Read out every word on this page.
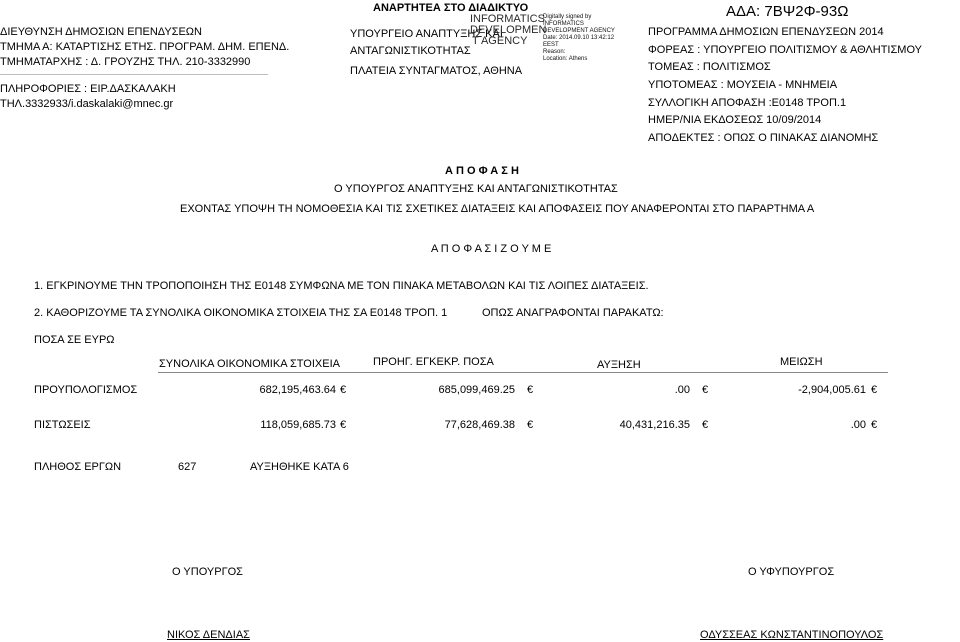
ΔΙΕΥΘΥΝΣΗ ΔΗΜΟΣΙΩΝ ΕΠΕΝΔΥΣΕΩΝ
ΤΜΗΜΑ Α: ΚΑΤΑΡΤΙΣΗΣ ΕΤΗΣ. ΠΡΟΓΡΑΜ. ΔΗΜ. ΕΠΕΝΔ.
ΤΜΗΜΑΤΑΡΧΗΣ : Δ. ΓΡΟΥΖΗΣ ΤΗΛ. 210-3332990
ΠΛΗΡΟΦΟΡΙΕΣ : ΕΙΡ.ΔΑΣΚΑΛΑΚΗ
ΤΗΛ.3332933/i.daskalaki@mnec.gr
ΑΝΑΡΤΗΤΕΑ ΣΤΟ ΔΙΑΔΙΚΤΥΟ
ΥΠΟΥΡΓΕΙΟ ΑΝΑΠΤΥΞΗΣ ΚΑΙ
ΑΝΤΑΓΩΝΙΣΤΙΚΟΤΗΤΑΣ
ΠΛΑΤΕΙΑ ΣΥΝΤΑΓΜΑΤΟΣ, ΑΘΗΝΑ
INFORMATICS
DEVELOPMEN
T AGENCY
Digitally signed by
INFORMATICS
DEVELOPMENT AGENCY
Date: 2014.09.10 13:42:12
EEST
Reason:
Location: Athens
ΑΔΑ: 7ΒΨ2Φ-93Ω
ΠΡΟΓΡΑΜΜΑ ΔΗΜΟΣΙΩΝ ΕΠΕΝΔΥΣΕΩΝ 2014
ΦΟΡΕΑΣ : ΥΠΟΥΡΓΕΙΟ ΠΟΛΙΤΙΣΜΟΥ & ΑΘΛΗΤΙΣΜΟΥ
ΤΟΜΕΑΣ : ΠΟΛΙΤΙΣΜΟΣ
ΥΠΟΤΟΜΕΑΣ : ΜΟΥΣΕΙΑ - ΜΝΗΜΕΙΑ
ΣΥΛΛΟΓΙΚΗ ΑΠΟΦΑΣΗ :Ε0148 ΤΡΟΠ.1
ΗΜΕΡ/ΝΙΑ ΕΚΔΟΣΕΩΣ 10/09/2014
ΑΠΟΔΕΚΤΕΣ : ΟΠΩΣ Ο ΠΙΝΑΚΑΣ ΔΙΑΝΟΜΗΣ
Α Π Ο Φ Α Σ Η
Ο ΥΠΟΥΡΓΟΣ ΑΝΑΠΤΥΞΗΣ ΚΑΙ ΑΝΤΑΓΩΝΙΣΤΙΚΟΤΗΤΑΣ
ΕΧΟΝΤΑΣ ΥΠΟΨΗ ΤΗ ΝΟΜΟΘΕΣΙΑ ΚΑΙ ΤΙΣ ΣΧΕΤΙΚΕΣ ΔΙΑΤΑΞΕΙΣ ΚΑΙ ΑΠΟΦΑΣΕΙΣ ΠΟΥ ΑΝΑΦΕΡΟΝΤΑΙ ΣΤΟ ΠΑΡΑΡΤΗΜΑ Α
Α Π Ο Φ Α Σ Ι Ζ Ο Υ Μ Ε
1. ΕΓΚΡΙΝΟΥΜΕ ΤΗΝ ΤΡΟΠΟΠΟΙΗΣΗ ΤΗΣ Ε0148 ΣΥΜΦΩΝΑ ΜΕ ΤΟΝ ΠΙΝΑΚΑ ΜΕΤΑΒΟΛΩΝ ΚΑΙ ΤΙΣ ΛΟΙΠΕΣ ΔΙΑΤΑΞΕΙΣ.
2. ΚΑΘΟΡΙΖΟΥΜΕ ΤΑ ΣΥΝΟΛΙΚΑ ΟΙΚΟΝΟΜΙΚΑ ΣΤΟΙΧΕΙΑ ΤΗΣ ΣΑ Ε0148 ΤΡΟΠ. 1	ΟΠΩΣ ΑΝΑΓΡΑΦΟΝΤΑΙ ΠΑΡΑΚΑΤΩ:
ΠΟΣΑ ΣΕ ΕΥΡΩ
ΣΥΝΟΛΙΚΑ ΟΙΚΟΝΟΜΙΚΑ ΣΤΟΙΧΕΙΑ	ΠΡΟΗΓ. ΕΓΚΕΚΡ. ΠΟΣΑ	ΑΥΞΗΣΗ	ΜΕΙΩΣΗ
ΠΡΟΥΠΟΛΟΓΙΣΜΟΣ	682,195,463.64 €	685,099,469.25 €	.00 €	-2,904,005.61 €
ΠΙΣΤΩΣΕΙΣ	118,059,685.73 €	77,628,469.38 €	40,431,216.35 €	.00 €
ΠΛΗΘΟΣ ΕΡΓΩΝ	627	ΑΥΞΗΘΗΚΕ ΚΑΤΑ 6
Ο ΥΠΟΥΡΓΟΣ	Ο ΥΦΥΠΟΥΡΓΟΣ
ΝΙΚΟΣ ΔΕΝΔΙΑΣ	ΟΔΥΣΣΕΑΣ ΚΩΝΣΤΑΝΤΙΝΟΠΟΥΛΟΣ
